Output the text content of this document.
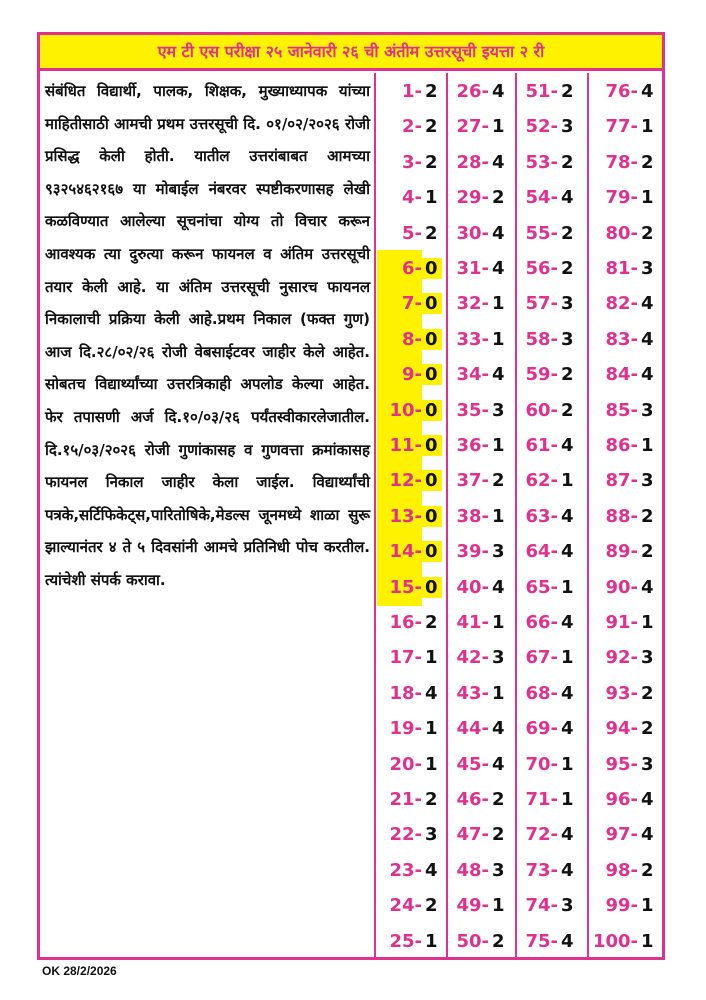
एम टी एस परीक्षा २५ जानेवारी २६ ची अंतीम उत्तरसूची इयत्ता २ री

संबंधित विद्यार्थी, पालक, शिक्षक, मुख्याध्यापक यांच्या माहितीसाठी आमची प्रथम उत्तरसूची दि. ०१/०२/२०२६ रोजी प्रसिद्ध केली होती. यातील उत्तरांबाबत आमच्या ९३२५४६२१६७ या मोबाईल नंबरवर स्पष्टीकरणासह लेखी कळविण्यात आलेल्या सूचनांचा योग्य तो विचार करून आवश्यक त्या दुरुत्या करून फायनल व अंतिम उत्तरसूची तयार केली आहे. या अंतिम उत्तरसूची नुसारच फायनल निकालाची प्रक्रिया केली आहे.प्रथम निकाल (फक्त गुण) आज दि.२८/०२/२६ रोजी वेबसाईटवर जाहीर केले आहेत. सोबतच विद्यार्थ्यांच्या उत्तरत्रिकाही अपलोड केल्या आहेत. फेर तपासणी अर्ज दि.१०/०३/२६ पर्यंतस्वीकारलेजातील. दि.१५/०३/२०२६ रोजी गुणांकासह व गुणवत्ता क्रमांकासह फायनल निकाल जाहीर केला जाईल. विद्यार्थ्यांची पत्रके,सर्टिफिकेट्स,पारितोषिके,मेडल्स जूनमध्ये शाळा सुरू झाल्यानंतर ४ ते ५ दिवसांनी आमचे प्रतिनिधी पोच करतील. त्यांचेशी संपर्क करावा.

1- 2
2- 2
3- 2
4- 1
5- 2
6- 0
7- 0
8- 0
9- 0
10- 0
11- 0
12- 0
13- 0
14- 0
15- 0
16- 2
17- 1
18- 4
19- 1
20- 1
21- 2
22- 3
23- 4
24- 2
25- 1
26- 4
27- 1
28- 4
29- 2
30- 4
31- 4
32- 1
33- 1
34- 4
35- 3
36- 1
37- 2
38- 1
39- 3
40- 4
41- 1
42- 3
43- 1
44- 4
45- 4
46- 2
47- 2
48- 3
49- 1
50- 2
51- 2
52- 3
53- 2
54- 4
55- 2
56- 2
57- 3
58- 3
59- 2
60- 2
61- 4
62- 1
63- 4
64- 4
65- 1
66- 4
67- 1
68- 4
69- 4
70- 1
71- 1
72- 4
73- 4
74- 3
75- 4
76- 4
77- 1
78- 2
79- 1
80- 2
81- 3
82- 4
83- 4
84- 4
85- 3
86- 1
87- 3
88- 2
89- 2
90- 4
91- 1
92- 3
93- 2
94- 2
95- 3
96- 4
97- 4
98- 2
99- 1
100- 1
OK 28/2/2026
